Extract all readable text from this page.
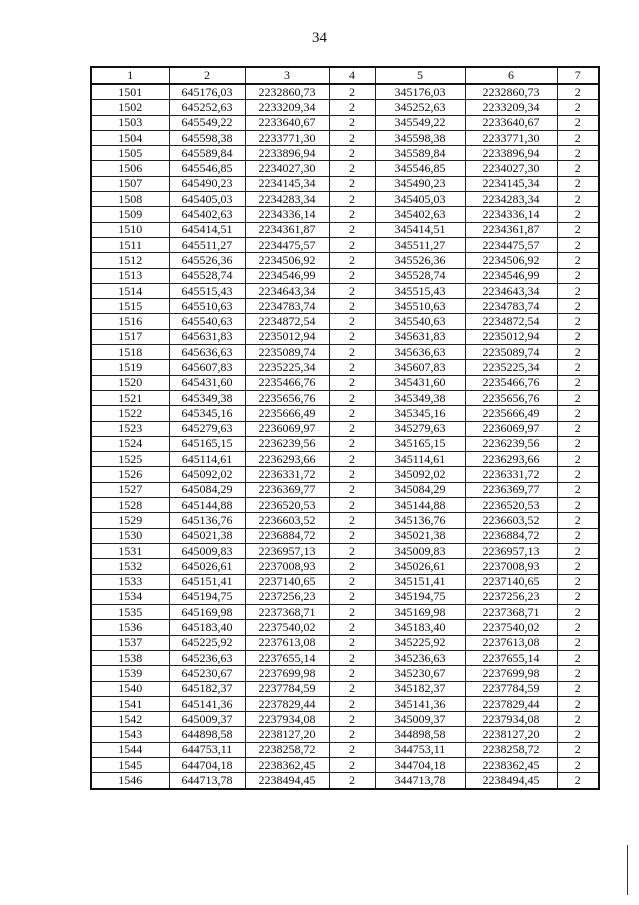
34
1	2	3	4	5	6	7
1501	645176,03	2232860,73	2	345176,03	2232860,73	2
1502	645252,63	2233209,34	2	345252,63	2233209,34	2
1503	645549,22	2233640,67	2	345549,22	2233640,67	2
1504	645598,38	2233771,30	2	345598,38	2233771,30	2
1505	645589,84	2233896,94	2	345589,84	2233896,94	2
1506	645546,85	2234027,30	2	345546,85	2234027,30	2
1507	645490,23	2234145,34	2	345490,23	2234145,34	2
1508	645405,03	2234283,34	2	345405,03	2234283,34	2
1509	645402,63	2234336,14	2	345402,63	2234336,14	2
1510	645414,51	2234361,87	2	345414,51	2234361,87	2
1511	645511,27	2234475,57	2	345511,27	2234475,57	2
1512	645526,36	2234506,92	2	345526,36	2234506,92	2
1513	645528,74	2234546,99	2	345528,74	2234546,99	2
1514	645515,43	2234643,34	2	345515,43	2234643,34	2
1515	645510,63	2234783,74	2	345510,63	2234783,74	2
1516	645540,63	2234872,54	2	345540,63	2234872,54	2
1517	645631,83	2235012,94	2	345631,83	2235012,94	2
1518	645636,63	2235089,74	2	345636,63	2235089,74	2
1519	645607,83	2235225,34	2	345607,83	2235225,34	2
1520	645431,60	2235466,76	2	345431,60	2235466,76	2
1521	645349,38	2235656,76	2	345349,38	2235656,76	2
1522	645345,16	2235666,49	2	345345,16	2235666,49	2
1523	645279,63	2236069,97	2	345279,63	2236069,97	2
1524	645165,15	2236239,56	2	345165,15	2236239,56	2
1525	645114,61	2236293,66	2	345114,61	2236293,66	2
1526	645092,02	2236331,72	2	345092,02	2236331,72	2
1527	645084,29	2236369,77	2	345084,29	2236369,77	2
1528	645144,88	2236520,53	2	345144,88	2236520,53	2
1529	645136,76	2236603,52	2	345136,76	2236603,52	2
1530	645021,38	2236884,72	2	345021,38	2236884,72	2
1531	645009,83	2236957,13	2	345009,83	2236957,13	2
1532	645026,61	2237008,93	2	345026,61	2237008,93	2
1533	645151,41	2237140,65	2	345151,41	2237140,65	2
1534	645194,75	2237256,23	2	345194,75	2237256,23	2
1535	645169,98	2237368,71	2	345169,98	2237368,71	2
1536	645183,40	2237540,02	2	345183,40	2237540,02	2
1537	645225,92	2237613,08	2	345225,92	2237613,08	2
1538	645236,63	2237655,14	2	345236,63	2237655,14	2
1539	645230,67	2237699,98	2	345230,67	2237699,98	2
1540	645182,37	2237784,59	2	345182,37	2237784,59	2
1541	645141,36	2237829,44	2	345141,36	2237829,44	2
1542	645009,37	2237934,08	2	345009,37	2237934,08	2
1543	644898,58	2238127,20	2	344898,58	2238127,20	2
1544	644753,11	2238258,72	2	344753,11	2238258,72	2
1545	644704,18	2238362,45	2	344704,18	2238362,45	2
1546	644713,78	2238494,45	2	344713,78	2238494,45	2
